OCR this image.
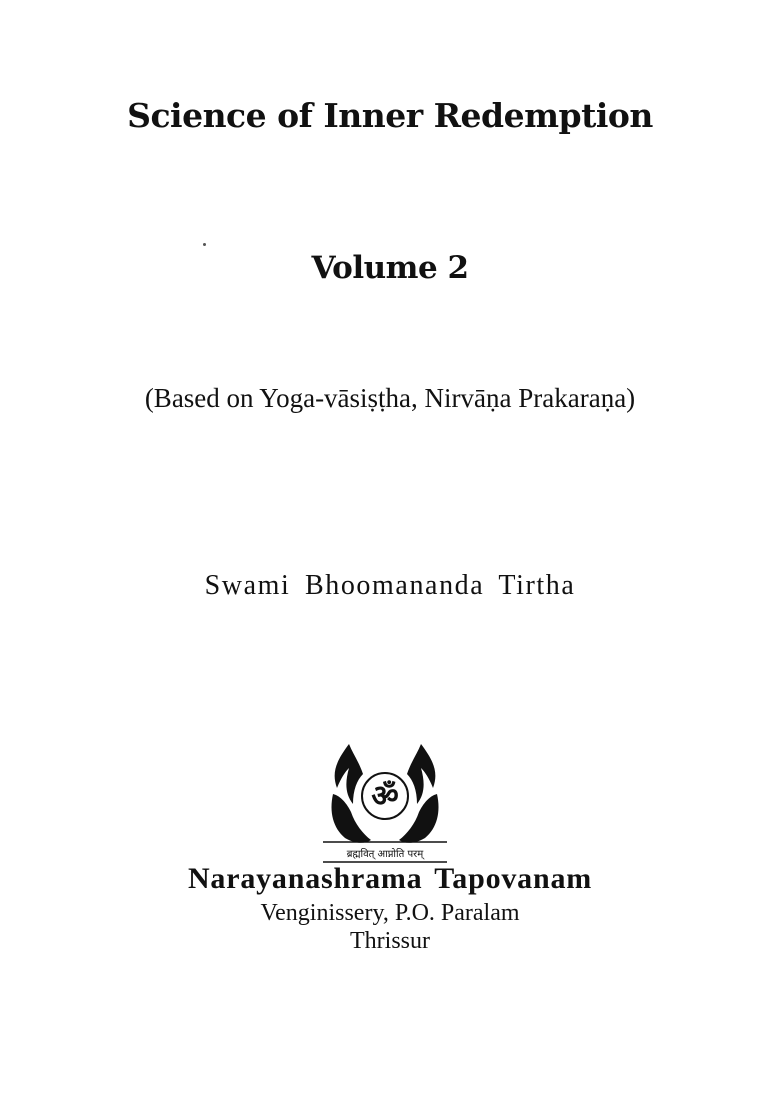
Science of Inner Redemption
Volume 2
(Based on Yoga-vāsiṣṭha, Nirvāṇa Prakaraṇa)
Swami Bhoomananda Tirtha
ॐ
ब्रह्मवित् आप्नोति परम्
Narayanashrama Tapovanam
Venginissery, P.O. Paralam
Thrissur
